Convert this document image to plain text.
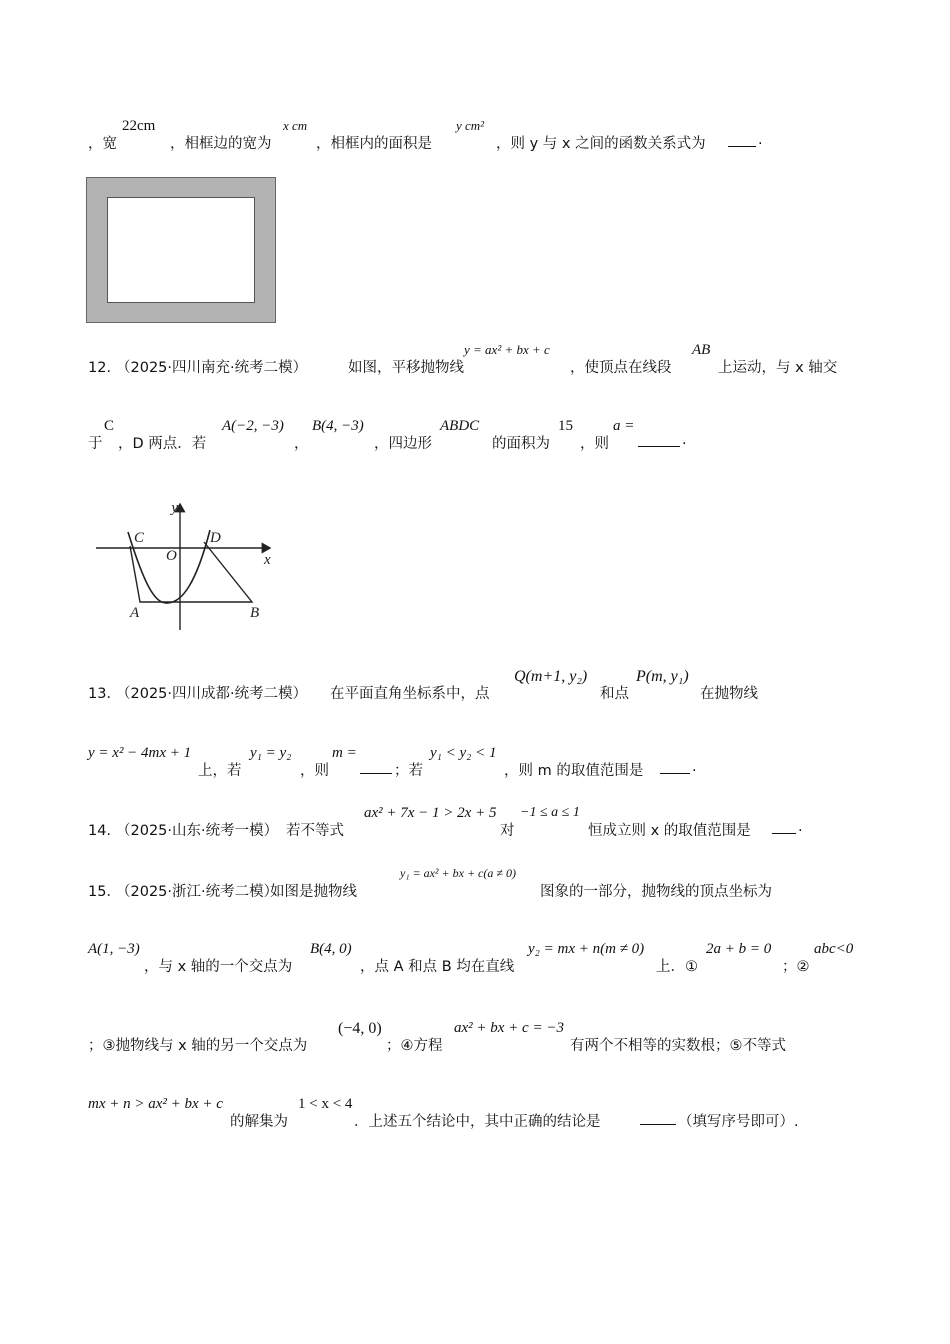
，宽
22cm
，相框边的宽为
x cm
，相框内的面积是
y cm²
，则 y 与 x 之间的函数关系式为	.
12．
（2025·四川南充·统考二模）	如图，平移抛物线
y = ax² + bx + c
，使顶点在线段
AB
上运动，与 x 轴交
于
C
，D 两点．若
A(−2, −3)
，
B(4, −3)
，四边形
ABDC
的面积为
15
，则
a =
.
y
x
C
O
D
A	B
13．
（2025·四川成都·统考二模） 在平面直角坐标系中，点
Q(m+1, y₂)
和点
P(m, y₁)
在抛物线
y = x² − 4mx + 1
上，若
y₁ = y₂
，则
m =
；若
y₁ < y₂ < 1
，则 m 的取值范围是	.
14．
（2025·山东·统考一模） 若不等式
ax² + 7x − 1 > 2x + 5
对
−1 ≤ a ≤ 1
恒成立则 x 的取值范围是	.
15．
（2025·浙江·统考二模）
如图是抛物线
y₁ = ax² + bx + c(a ≠ 0)
图象的一部分，抛物线的顶点坐标为
A(1, −3)
，与 x 轴的一个交点为
B(4, 0)
，点 A 和点 B 均在直线
y₂ = mx + n(m ≠ 0)
上．①
2a + b = 0
；②
abc<0
；③抛物线与 x 轴的另一个交点为
(−4, 0)
；④方程
ax² + bx + c = −3
有两个不相等的实数根；⑤不等式
mx + n > ax² + bx + c
的解集为
1 < x < 4
．上述五个结论中，其中正确的结论是	（填写序号即可）.
